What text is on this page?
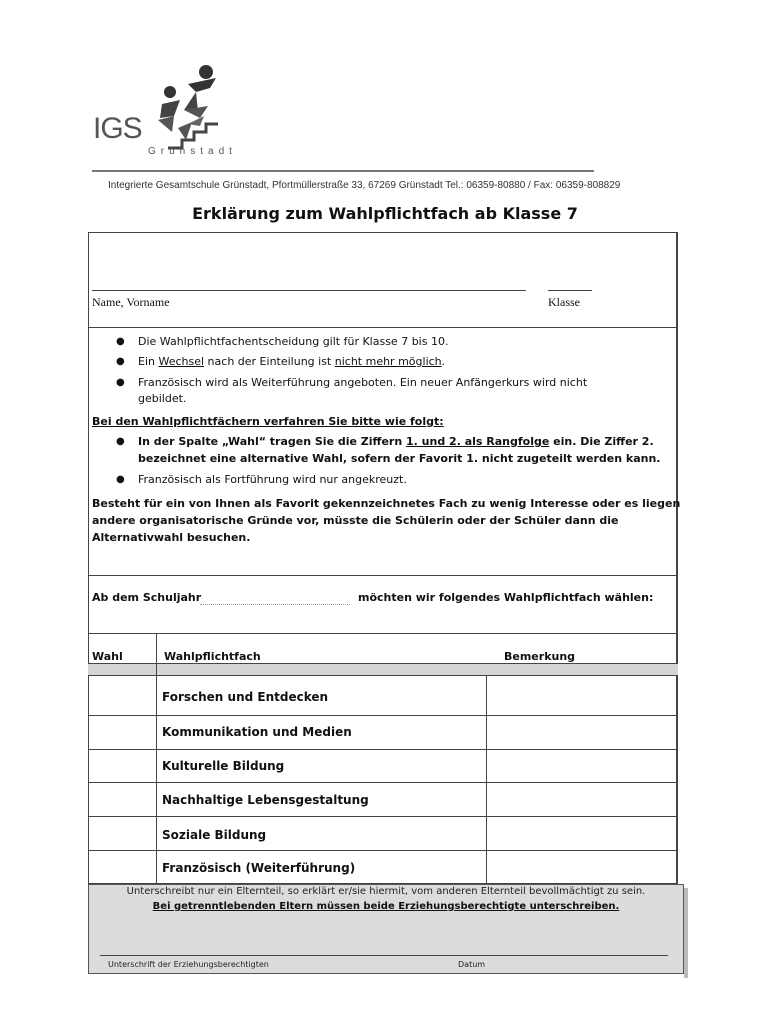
IGS
Grünstadt
Integrierte Gesamtschule Grünstadt, Pfortmüllerstraße 33, 67269 Grünstadt Tel.: 06359-80880 / Fax: 06359-808829
Erklärung zum Wahlpflichtfach ab Klasse 7
Name, Vorname	Klasse
● Die Wahlpflichtfachentscheidung gilt für Klasse 7 bis 10.
● Ein Wechsel nach der Einteilung ist nicht mehr möglich.
● Französisch wird als Weiterführung angeboten. Ein neuer Anfängerkurs wird nicht
gebildet.
Bei den Wahlpflichtfächern verfahren Sie bitte wie folgt:
● In der Spalte „Wahl“ tragen Sie die Ziffern 1. und 2. als Rangfolge ein. Die Ziffer 2.
bezeichnet eine alternative Wahl, sofern der Favorit 1. nicht zugeteilt werden kann.
● Französisch als Fortführung wird nur angekreuzt.
Besteht für ein von Ihnen als Favorit gekennzeichnetes Fach zu wenig Interesse oder es liegen
andere organisatorische Gründe vor, müsste die Schülerin oder der Schüler dann die
Alternativwahl besuchen.
Ab dem Schuljahr	möchten wir folgendes Wahlpflichtfach wählen:
Wahl	Wahlpflichtfach	Bemerkung
Forschen und Entdecken
Kommunikation und Medien
Kulturelle Bildung
Nachhaltige Lebensgestaltung
Soziale Bildung
Französisch (Weiterführung)
Unterschreibt nur ein Elternteil, so erklärt er/sie hiermit, vom anderen Elternteil bevollmächtigt zu sein.
Bei getrenntlebenden Eltern müssen beide Erziehungsberechtigte unterschreiben.
Unterschrift der Erziehungsberechtigten	Datum
